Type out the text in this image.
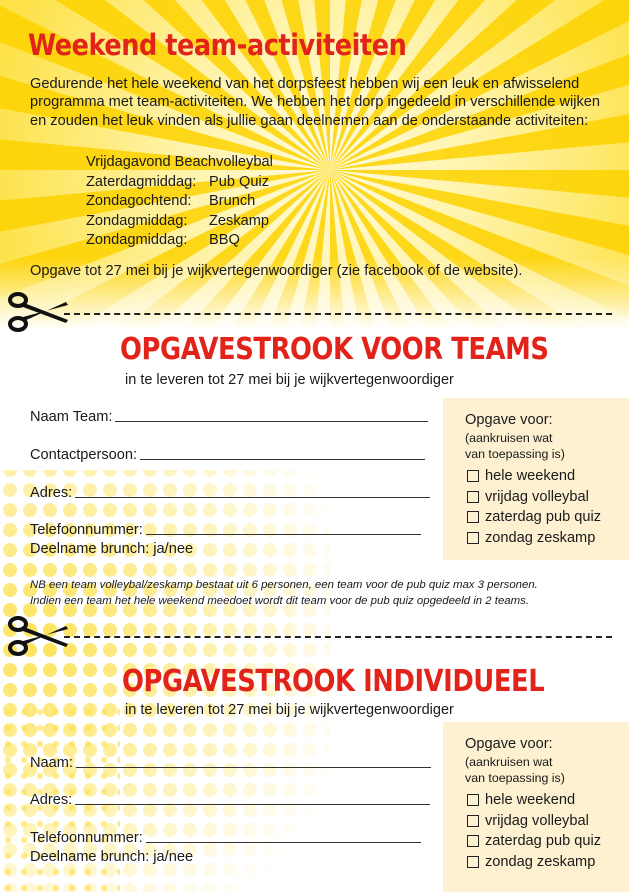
Weekend team-activiteiten

Gedurende het hele weekend van het dorpsfeest hebben wij een leuk en afwisselend programma met team-activiteiten. We hebben het dorp ingedeeld in verschillende wijken en zouden het leuk vinden als jullie gaan deelnemen aan de onderstaande activiteiten:

Vrijdagavond Beachvolleybal
Zaterdagmiddag: Pub Quiz
Zondagochtend:	Brunch
Zondagmiddag:	Zeskamp
Zondagmiddag:	BBQ
Opgave tot 27 mei bij je wijkvertegenwoordiger (zie facebook of de website).
OPGAVESTROOK VOOR TEAMS
in te leveren tot 27 mei bij je wijkvertegenwoordiger
Naam Team:
Contactpersoon:
Adres:
Telefoonnummer:
Deelname brunch: ja/nee
Opgave voor:
(aankruisen wat
van toepassing is)
hele weekend
vrijdag volleybal
zaterdag pub quiz
zondag zeskamp
NB een team volleybal/zeskamp bestaat uit 6 personen, een team voor de pub quiz max 3 personen.
Indien een team het hele weekend meedoet wordt dit team voor de pub quiz opgedeeld in 2 teams.
OPGAVESTROOK INDIVIDUEEL
in te leveren tot 27 mei bij je wijkvertegenwoordiger
Naam:
Adres:
Telefoonnummer:
Deelname brunch: ja/nee
Opgave voor:
(aankruisen wat
van toepassing is)
hele weekend
vrijdag volleybal
zaterdag pub quiz
zondag zeskamp
